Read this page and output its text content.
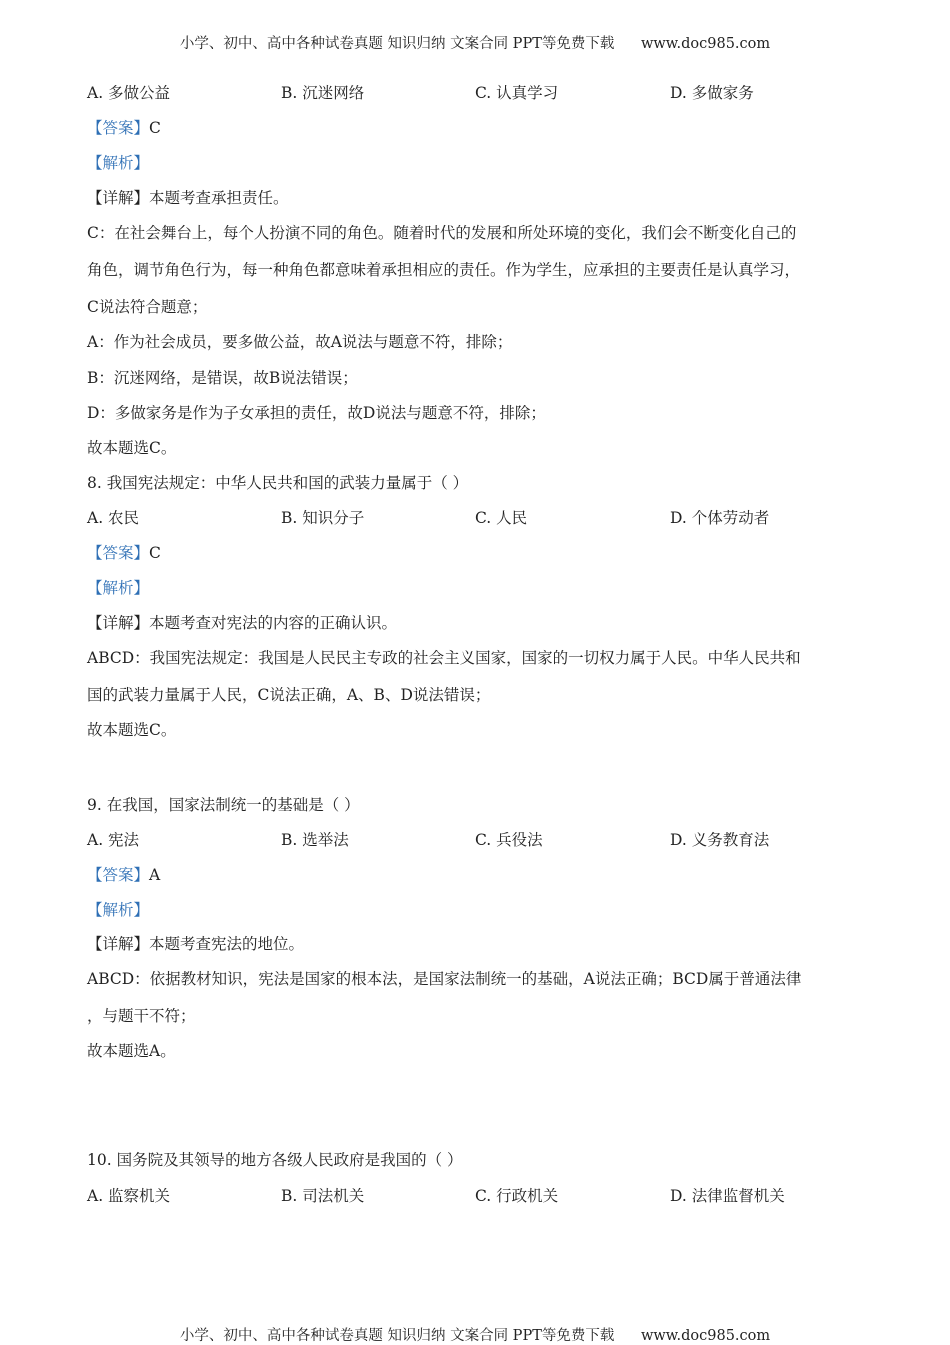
小学、初中、高中各种试卷真题 知识归纳 文案合同 PPT等免费下载 www.doc985.com
A. 多做公益	B. 沉迷网络	C. 认真学习	D. 多做家务
【答案】C
【解析】
【详解】本题考查承担责任。
C：在社会舞台上，每个人扮演不同的角色。随着时代的发展和所处环境的变化，我们会不断变化自己的
角色，调节角色行为，每一种角色都意味着承担相应的责任。作为学生，应承担的主要责任是认真学习，
C说法符合题意；
A：作为社会成员，要多做公益，故A说法与题意不符，排除；
B：沉迷网络，是错误，故B说法错误；
D：多做家务是作为子女承担的责任，故D说法与题意不符，排除；
故本题选C。
8. 我国宪法规定：中华人民共和国的武装力量属于（ ）
A. 农民	B. 知识分子	C. 人民	D. 个体劳动者
【答案】C
【解析】
【详解】本题考查对宪法的内容的正确认识。
ABCD：我国宪法规定：我国是人民民主专政的社会主义国家，国家的一切权力属于人民。中华人民共和
国的武装力量属于人民，C说法正确，A、B、D说法错误；
故本题选C。
9. 在我国，国家法制统一的基础是（ ）
A. 宪法	B. 选举法	C. 兵役法	D. 义务教育法
【答案】A
【解析】
【详解】本题考查宪法的地位。
ABCD：依据教材知识，宪法是国家的根本法，是国家法制统一的基础，A说法正确；BCD属于普通法律
，与题干不符；
故本题选A。
10. 国务院及其领导的地方各级人民政府是我国的（ ）
A. 监察机关	B. 司法机关	C. 行政机关	D. 法律监督机关
小学、初中、高中各种试卷真题 知识归纳 文案合同 PPT等免费下载 www.doc985.com
